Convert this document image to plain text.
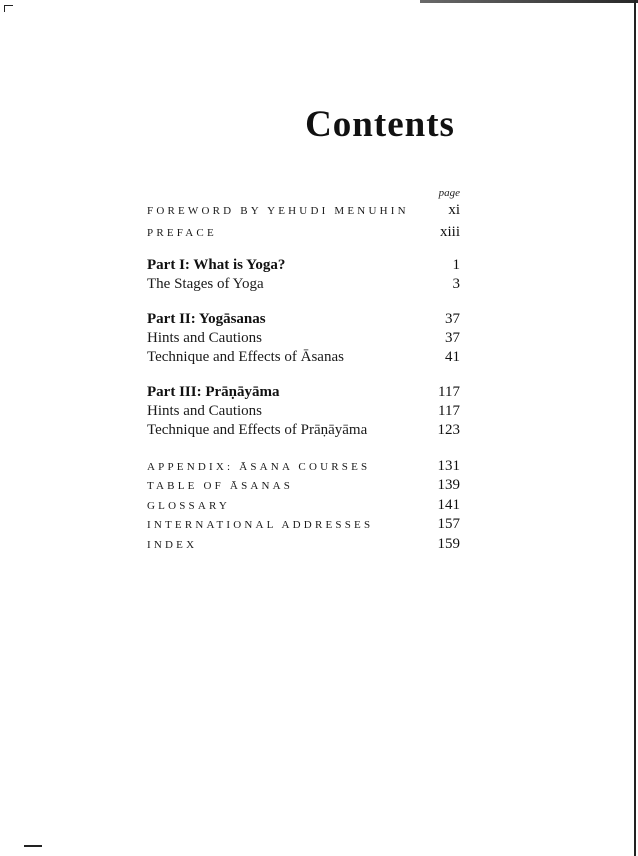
Contents
page
FOREWORD BY YEHUDI MENUHIN	xi
PREFACE	xiii
Part I: What is Yoga?	1
The Stages of Yoga	3
Part II: Yogāsanas	37
Hints and Cautions	37
Technique and Effects of Āsanas	41
Part III: Prāṇāyāma	117
Hints and Cautions	117
Technique and Effects of Prāṇāyāma	123
APPENDIX: ĀSANA COURSES	131
TABLE OF ĀSANAS	139
GLOSSARY	141
INTERNATIONAL ADDRESSES	157
INDEX	159
